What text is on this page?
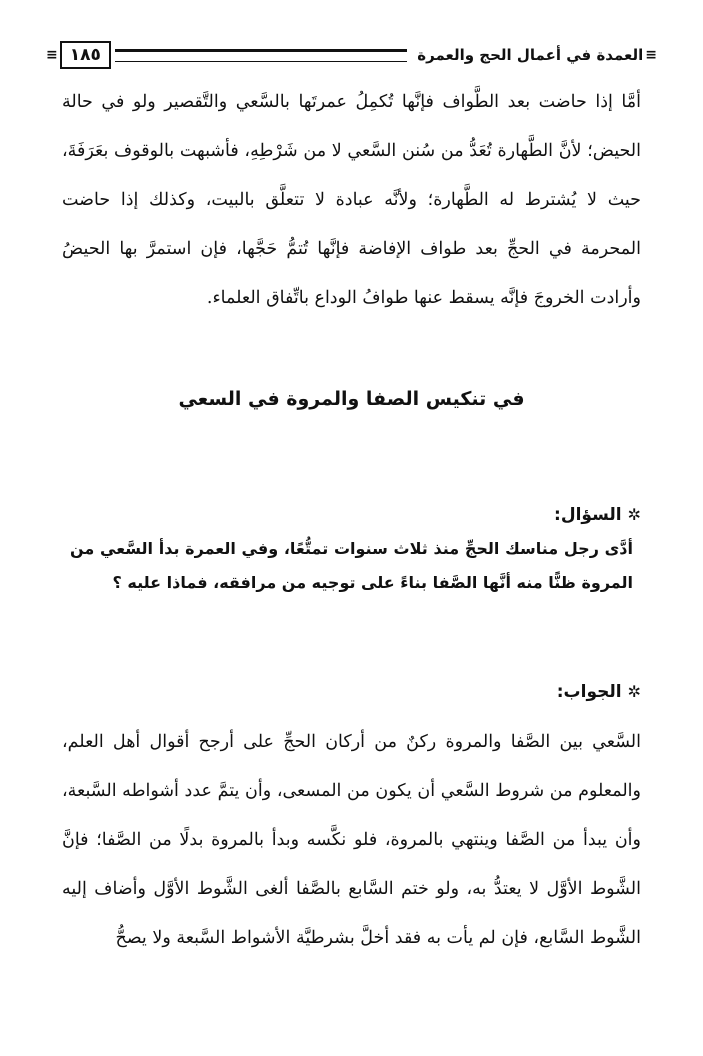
≡
العمدة في أعمال الحج والعمرة
١٨٥
≡
أمَّا إذا حاضت بعد الطَّواف فإنَّها تُكمِلُ عمرتَها بالسَّعي والتَّقصير ولو في حالة الحيض؛ لأنَّ الطَّهارة تُعَدُّ من سُنن السَّعي لا من شَرْطِهِ، فأشبهت بالوقوف بعَرَفَةَ، حيث لا يُشترط له الطَّهارة؛ ولأنَّه عبادة لا تتعلَّق بالبيت، وكذلك إذا حاضت المحرمة في الحجِّ بعد طواف الإفاضة فإنَّها تُتمُّ حَجَّها، فإن استمرَّ بها الحيضُ وأرادت الخروجَ فإنَّه يسقط عنها طوافُ الوداع باتِّفاق العلماء.
في تنكيس الصفا والمروة في السعي
✲السؤال:
أدَّى رجل مناسك الحجِّ منذ ثلاث سنوات تمتُّعًا، وفي العمرة بدأ السَّعي من المروة ظنًّا منه أنَّها الصَّفا بناءً على توجيه من مرافقه، فماذا عليه ؟
✲الجواب:
السَّعي بين الصَّفا والمروة ركنٌ من أركان الحجِّ على أرجح أقوال أهل العلم، والمعلوم من شروط السَّعي أن يكون من المسعى، وأن يتمَّ عدد أشواطه السَّبعة، وأن يبدأ من الصَّفا وينتهي بالمروة، فلو نكَّسه وبدأ بالمروة بدلًا من الصَّفا؛ فإنَّ الشَّوط الأوَّل لا يعتدُّ به، ولو ختم السَّابع بالصَّفا ألغى الشَّوط الأوَّل وأضاف إليه الشَّوط السَّابع، فإن لم يأت به فقد أخلَّ بشرطيَّة الأشواط السَّبعة ولا يصحُّ
